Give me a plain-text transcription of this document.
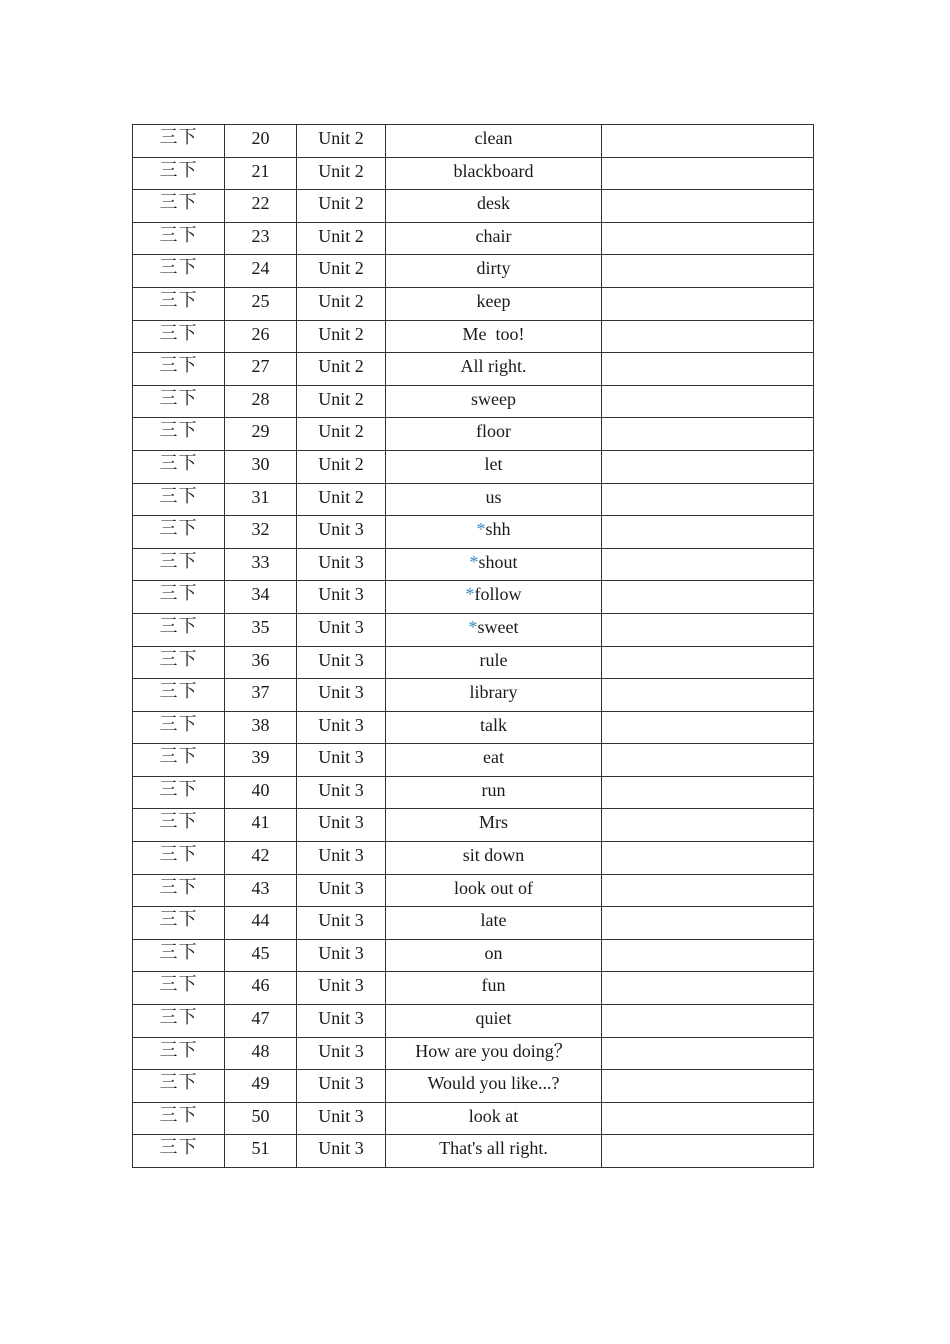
三下	20	Unit 2	clean	
三下	21	Unit 2	blackboard	
三下	22	Unit 2	desk	
三下	23	Unit 2	chair	
三下	24	Unit 2	dirty	
三下	25	Unit 2	keep	
三下	26	Unit 2	Me  too!	
三下	27	Unit 2	All right.	
三下	28	Unit 2	sweep	
三下	29	Unit 2	floor	
三下	30	Unit 2	let	
三下	31	Unit 2	us	
三下	32	Unit 3	*shh	
三下	33	Unit 3	*shout	
三下	34	Unit 3	*follow	
三下	35	Unit 3	*sweet	
三下	36	Unit 3	rule	
三下	37	Unit 3	library	
三下	38	Unit 3	talk	
三下	39	Unit 3	eat	
三下	40	Unit 3	run	
三下	41	Unit 3	Mrs	
三下	42	Unit 3	sit down	
三下	43	Unit 3	look out of	
三下	44	Unit 3	late	
三下	45	Unit 3	on	
三下	46	Unit 3	fun	
三下	47	Unit 3	quiet	
三下	48	Unit 3	How are you doing？	
三下	49	Unit 3	Would you like...?	
三下	50	Unit 3	look at	
三下	51	Unit 3	That's all right.	
